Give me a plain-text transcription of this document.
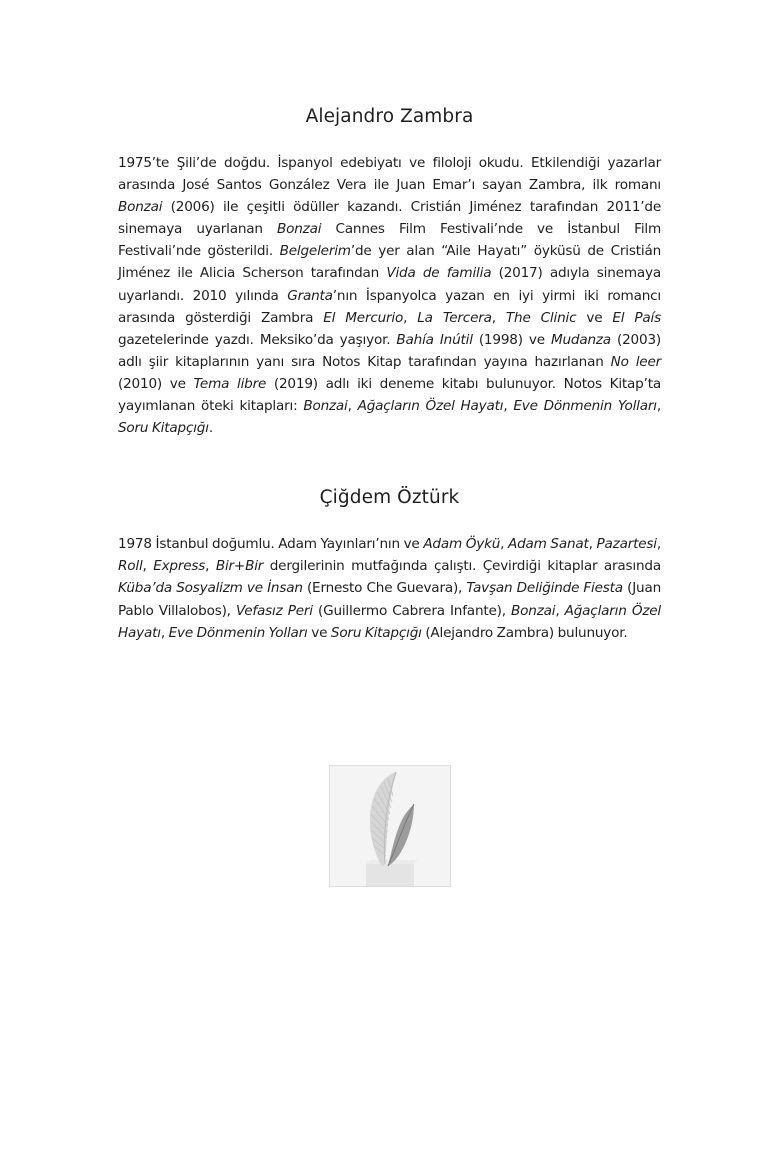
Alejandro Zambra

1975’te Şili’de doğdu. İspanyol edebiyatı ve filoloji okudu. Etkilendiği yazarlar arasında José Santos González Vera ile Juan Emar’ı sayan Zambra, ilk romanı Bonzai (2006) ile çeşitli ödüller kazandı. Cristián Jiménez tarafından 2011’de sinemaya uyarlanan Bonzai Cannes Film Festivali’nde ve İstanbul Film Festivali’nde gösterildi. Belgelerim’de yer alan “Aile Hayatı” öyküsü de Cristián Jiménez ile Alicia Scherson tarafından Vida de familia (2017) adıyla sinemaya uyarlandı. 2010 yılında Granta’nın İspanyolca yazan en iyi yirmi iki romancı arasında gösterdiği Zambra El Mercurio, La Tercera, The Clinic ve El País gazetelerinde yazdı. Meksiko’da yaşıyor. Bahía Inútil (1998) ve Mudanza (2003) adlı şiir kitaplarının yanı sıra Notos Kitap tarafından yayına hazırlanan No leer (2010) ve Tema libre (2019) adlı iki deneme kitabı bulunuyor. Notos Kitap’ta yayımlanan öteki kitapları: Bonzai, Ağaçların Özel Hayatı, Eve Dönmenin Yolları, Soru Kitapçığı.

Çiğdem Öztürk

1978 İstanbul doğumlu. Adam Yayınları’nın ve Adam Öykü, Adam Sanat, Pazartesi, Roll, Express, Bir+Bir dergilerinin mutfağında çalıştı. Çevirdiği kitaplar arasında Küba’da Sosyalizm ve İnsan (Ernesto Che Guevara), Tavşan Deliğinde Fiesta (Juan Pablo Villalobos), Vefasız Peri (Guillermo Cabrera Infante), Bonzai, Ağaçların Özel Hayatı, Eve Dönmenin Yolları ve Soru Kitapçığı (Alejandro Zambra) bulunuyor.
